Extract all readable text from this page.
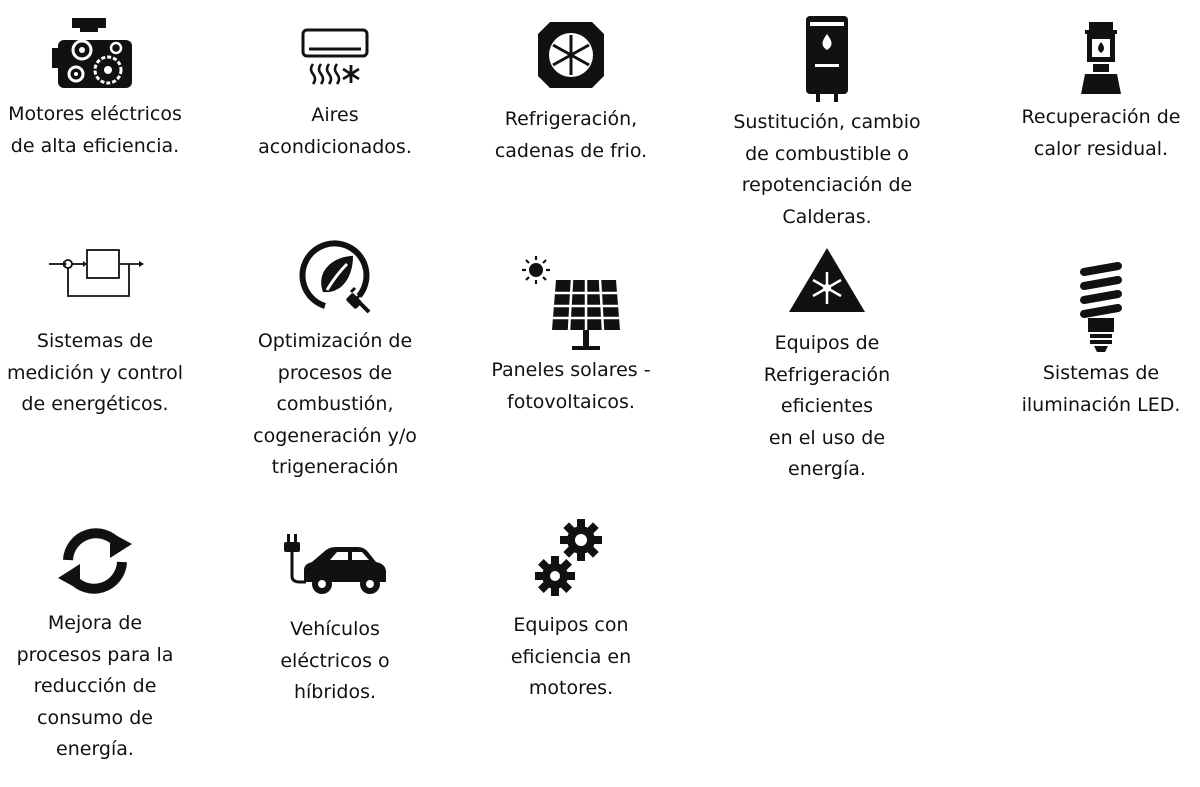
Motores eléctricos
de alta eficiencia.

Aires
acondicionados.

Refrigeración,
cadenas de frio.

Sustitución, cambio
de combustible o
repotenciación de
Calderas.

Recuperación de
calor residual.

Sistemas de
medición y control
de energéticos.

Optimización de
procesos de
combustión,
cogeneración y/o
trigeneración

Paneles solares -
fotovoltaicos.

Equipos de
Refrigeración eficientes
en el uso de energía.

Sistemas de
iluminación LED.

Mejora de
procesos para la
reducción de
consumo de
energía.

Vehículos
eléctricos o
híbridos.

Equipos con
eficiencia en
motores.
